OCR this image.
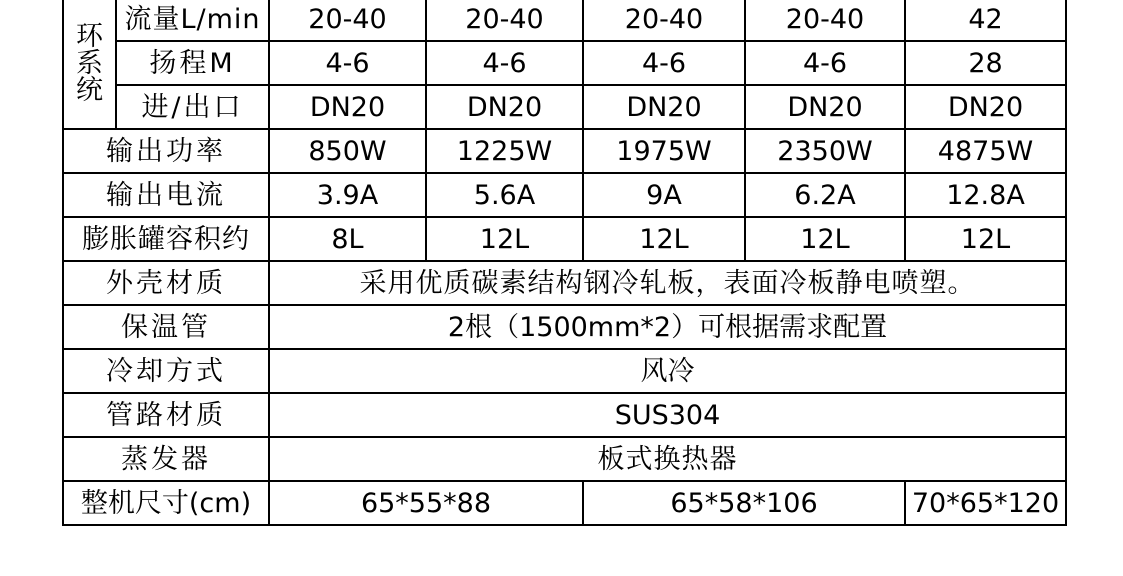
环
系
统	流量L/min	20-40	20-40	20-40	20-40	42
	扬程M	4-6	4-6	4-6	4-6	28
	进/出口	DN20	DN20	DN20	DN20	DN20
输出功率		850W	1225W	1975W	2350W	4875W
输出电流		3.9A	5.6A	9A	6.2A	12.8A
膨胀罐容积约		8L	12L	12L	12L	12L
外壳材质		采用优质碳素结构钢冷轧板，表面冷板静电喷塑。				
保温管		2根（1500mm*2）可根据需求配置				
冷却方式		风冷				
管路材质		SUS304				
蒸发器		板式换热器				
整机尺寸(cm)		65*55*88		65*58*106		70*65*120
